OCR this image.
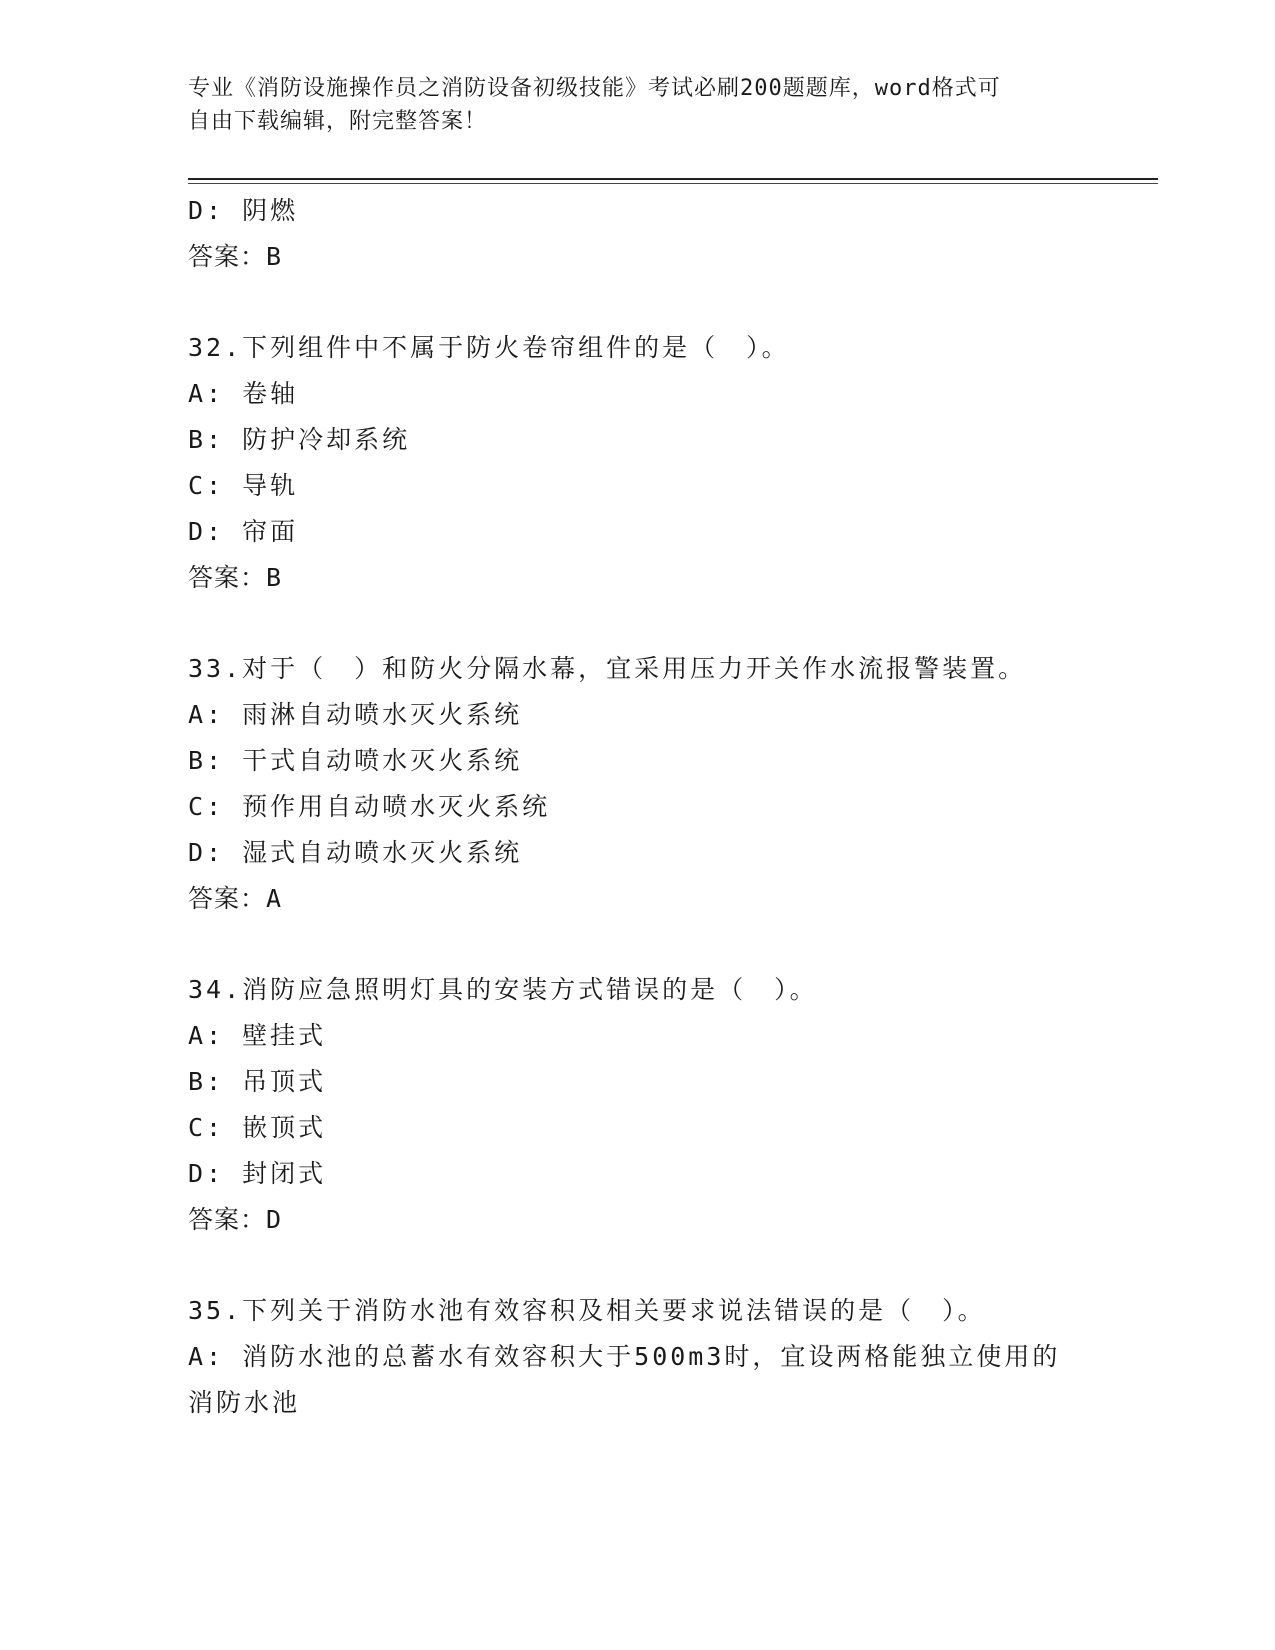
专业《消防设施操作员之消防设备初级技能》考试必刷200题题库，word格式可
自由下载编辑，附完整答案！
D: 阴燃
答案：B
32.下列组件中不属于防火卷帘组件的是（　）。
A: 卷轴
B: 防护冷却系统
C: 导轨
D: 帘面
答案：B
33.对于（　）和防火分隔水幕，宜采用压力开关作水流报警装置。
A: 雨淋自动喷水灭火系统
B: 干式自动喷水灭火系统
C: 预作用自动喷水灭火系统
D: 湿式自动喷水灭火系统
答案：A
34.消防应急照明灯具的安装方式错误的是（　）。
A: 壁挂式
B: 吊顶式
C: 嵌顶式
D: 封闭式
答案：D
35.下列关于消防水池有效容积及相关要求说法错误的是（　）。
A: 消防水池的总蓄水有效容积大于500m3时，宜设两格能独立使用的
消防水池
